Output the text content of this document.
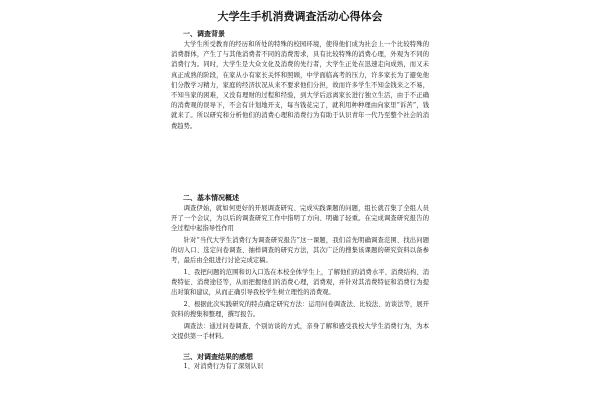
大学生手机消费调查活动心得体会
一、调查背景
大学生所受教育的经历和所处的特殊的校园环境，使得他们成为社会上一个比较特殊的消费群体，产生了与其他消费者不同的消费需求，具有比较特殊的消费心理，外观为不同的消费行为。同时，大学生是大众文化及消费的先行者，大学生正处在迅速走向成熟，而又未真正成熟的阶段，在家从小有家长关怀和照顾，中学面临高考的压力，许多家长为了避免他们分散学习精力，家庭的经济状况从来不要求他们分担，故而许多学生不知金钱来之不易，不知当家的困难，又没有理财的过程和经验，到大学后远离家长进行独立生活，由于不正确的消费观的误导下，不会有计划地开支，每当钱花完了，就利用种种理由向家里“诉苦”，钱就来了。所以研究和分析他们的消费心理和消费行为有助于认识青年一代乃至整个社会的消费趋势。
二、基本情况概述
调查伊始，就如何更好的开展调查研究、完成实践课题的问题，组长就召集了全组人员开了一个会议，为以后的调查研究工作中指明了方向、明确了轻重。在完成调查研究报告的全过程中起指导性作用
针对“当代大学生消费行为调查研究报告”这一课题，我们首先明确调查范围、找出问题的切入口、选定问卷调查、抽样调查的研究方法，其次广泛的搜集该课题的研究资料以备参考，最后由全组进行讨论完成定稿。
1、我把问题的范围和切入口选在本校全体学生上，了解他们的消费水平、消费结构、消费特征、消费途径等，从而把握他们的消费心理，消费观，并针对其消费特征和消费行为提出对策和建议，从而正确引导我校学生树立理性的消费观。
2、根据此次实践研究的特点确定研究方法：运用问卷调查法、比较法、访谈法等，展开资料的搜集和整理，撰写报告。
调查法：通过问卷调查、个别访谈的方式，亲身了解和感受我校大学生消费行为，为本文提供第一手材料。
三、对调查结果的感想
1、对消费行为有了深刻认识
